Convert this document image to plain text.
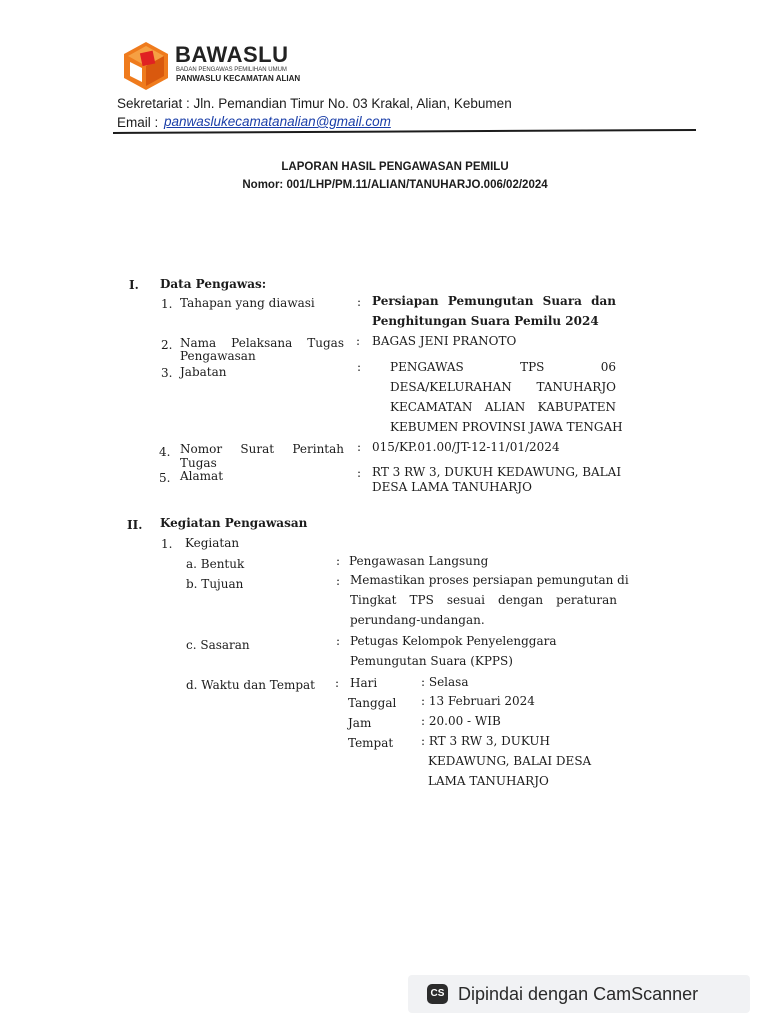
BAWASLU
BADAN PENGAWAS PEMILIHAN UMUM
PANWASLU KECAMATAN ALIAN
Sekretariat : Jln. Pemandian Timur No. 03 Krakal, Alian, Kebumen
Email : panwaslukecamatanalian@gmail.com
LAPORAN HASIL PENGAWASAN PEMILU
Nomor: 001/LHP/PM.11/ALIAN/TANUHARJO.006/02/2024
I. Data Pengawas:
1. Tahapan yang diawasi	: Persiapan Pemungutan Suara dan
Penghitungan Suara Pemilu 2024
2. Nama Pelaksana Tugas
Pengawasan
: BAGAS JENI PRANOTO
3. Jabatan	: PENGAWAS TPS 06
DESA/KELURAHAN TANUHARJO
KECAMATAN ALIAN KABUPATEN
KEBUMEN PROVINSI JAWA TENGAH
4. Nomor Surat Perintah
Tugas
: 015/KP.01.00/JT-12-11/01/2024
5. Alamat	: RT 3 RW 3, DUKUH KEDAWUNG, BALAI
DESA LAMA TANUHARJO
II. Kegiatan Pengawasan
1. Kegiatan
a. Bentuk	: Pengawasan Langsung
b. Tujuan	: Memastikan proses persiapan pemungutan di
Tingkat TPS sesuai dengan peraturan
perundang-undangan.
c. Sasaran	: Petugas Kelompok Penyelenggara
Pemungutan Suara (KPPS)
d. Waktu dan Tempat : Hari	: Selasa
Tanggal : 13 Februari 2024
Jam	: 20.00 - WIB
Tempat : RT 3 RW 3, DUKUH
KEDAWUNG, BALAI DESA
LAMA TANUHARJO
CS Dipindai dengan CamScanner
